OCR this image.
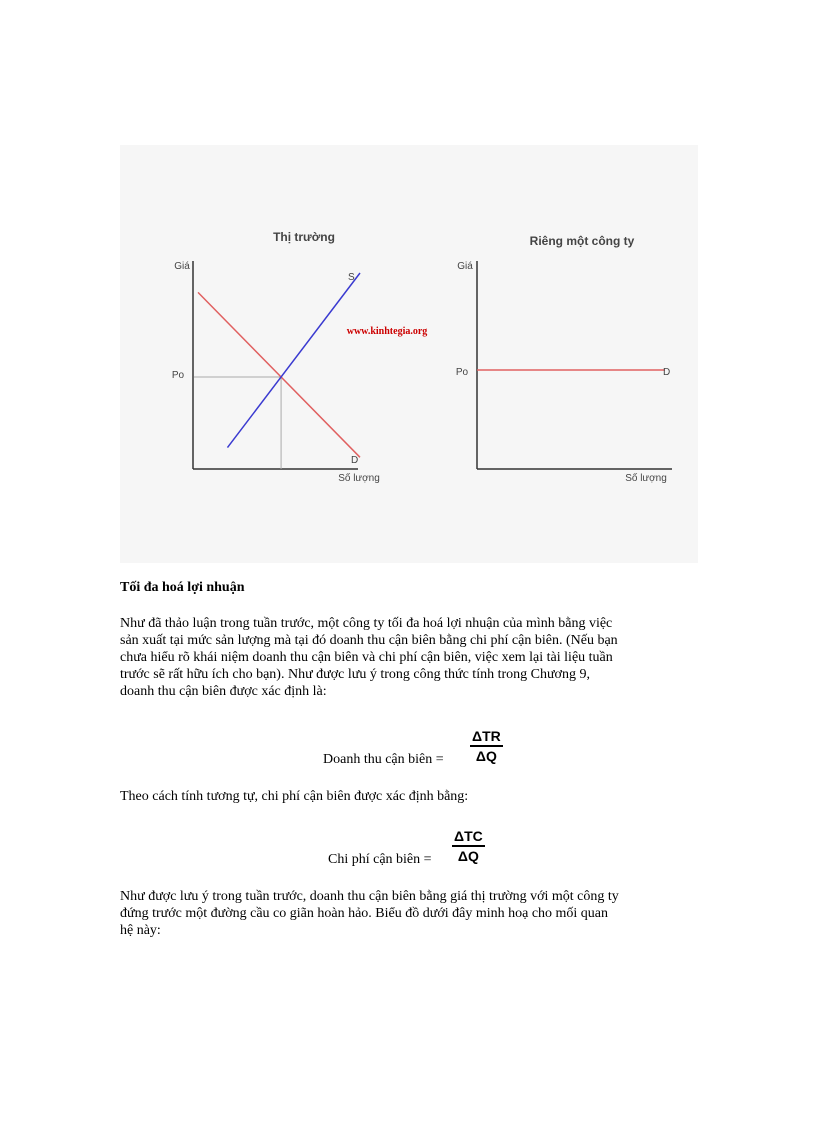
Thị trường
Giá
Số lượng
Po
S
D
www.kinhtegia.org
Riêng một công ty
Giá
Số lượng
Po	D
Tối đa hoá lợi nhuận
Như đã thảo luận trong tuần trước, một công ty tối đa hoá lợi nhuận của mình bằng việc
sản xuất tại mức sản lượng mà tại đó doanh thu cận biên bằng chi phí cận biên. (Nếu bạn
chưa hiểu rõ khái niệm doanh thu cận biên và chi phí cận biên, việc xem lại tài liệu tuần
trước sẽ rất hữu ích cho bạn). Như được lưu ý trong công thức tính trong Chương 9,
doanh thu cận biên được xác định là:
Doanh thu cận biên =
ΔTR
ΔQ
Theo cách tính tương tự, chi phí cận biên được xác định bằng:
Chi phí cận biên =
ΔTC
ΔQ
Như được lưu ý trong tuần trước, doanh thu cận biên bằng giá thị trường với một công ty
đứng trước một đường cầu co giãn hoàn hảo. Biểu đồ dưới đây minh hoạ cho mối quan
hệ này:
